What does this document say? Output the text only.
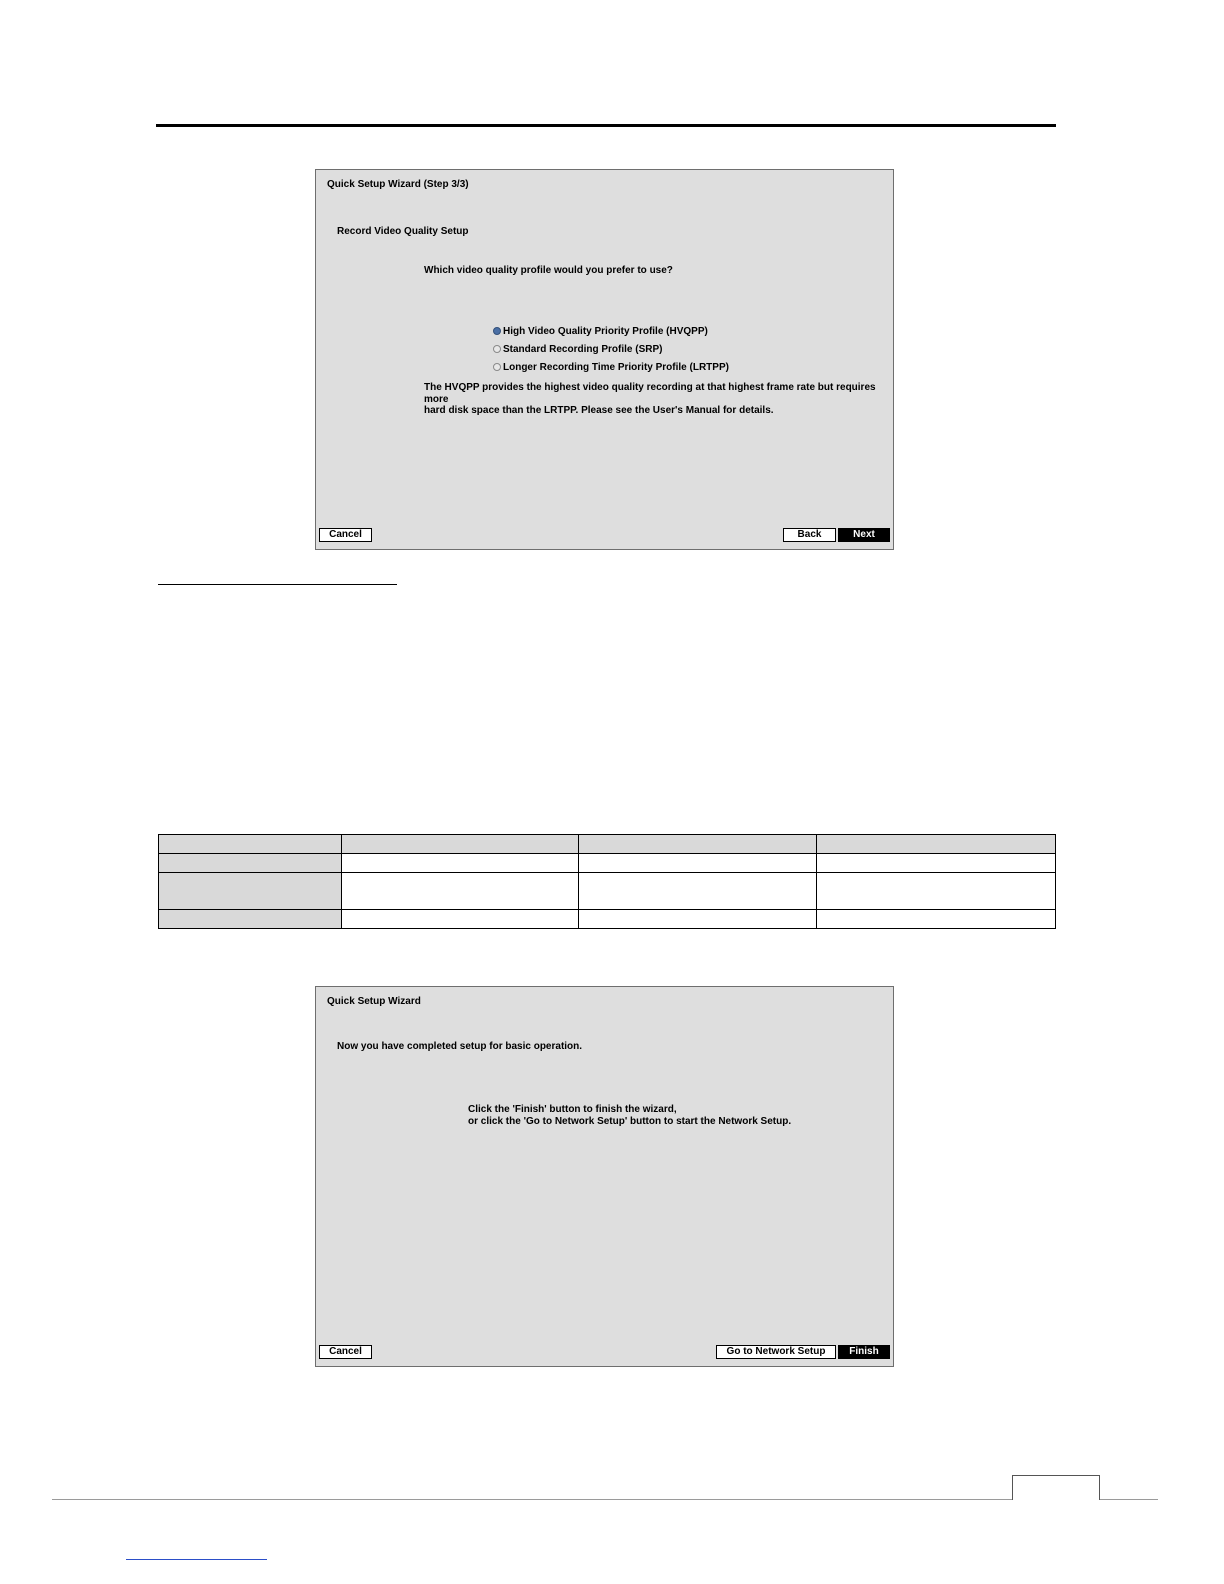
Quick Setup Wizard (Step 3/3)
Record Video Quality Setup
Which video quality profile would you prefer to use?
High Video Quality Priority Profile (HVQPP)
Standard Recording Profile (SRP)
Longer Recording Time Priority Profile (LRTPP)
The HVQPP provides the highest video quality recording at that highest frame rate but requires more
hard disk space than the LRTPP. Please see the User's Manual for details.
Cancel	Back	Next

Quick Setup Wizard
Now you have completed setup for basic operation.
Click the 'Finish' button to finish the wizard,
or click the 'Go to Network Setup' button to start the Network Setup.
Cancel	Go to Network Setup	Finish
